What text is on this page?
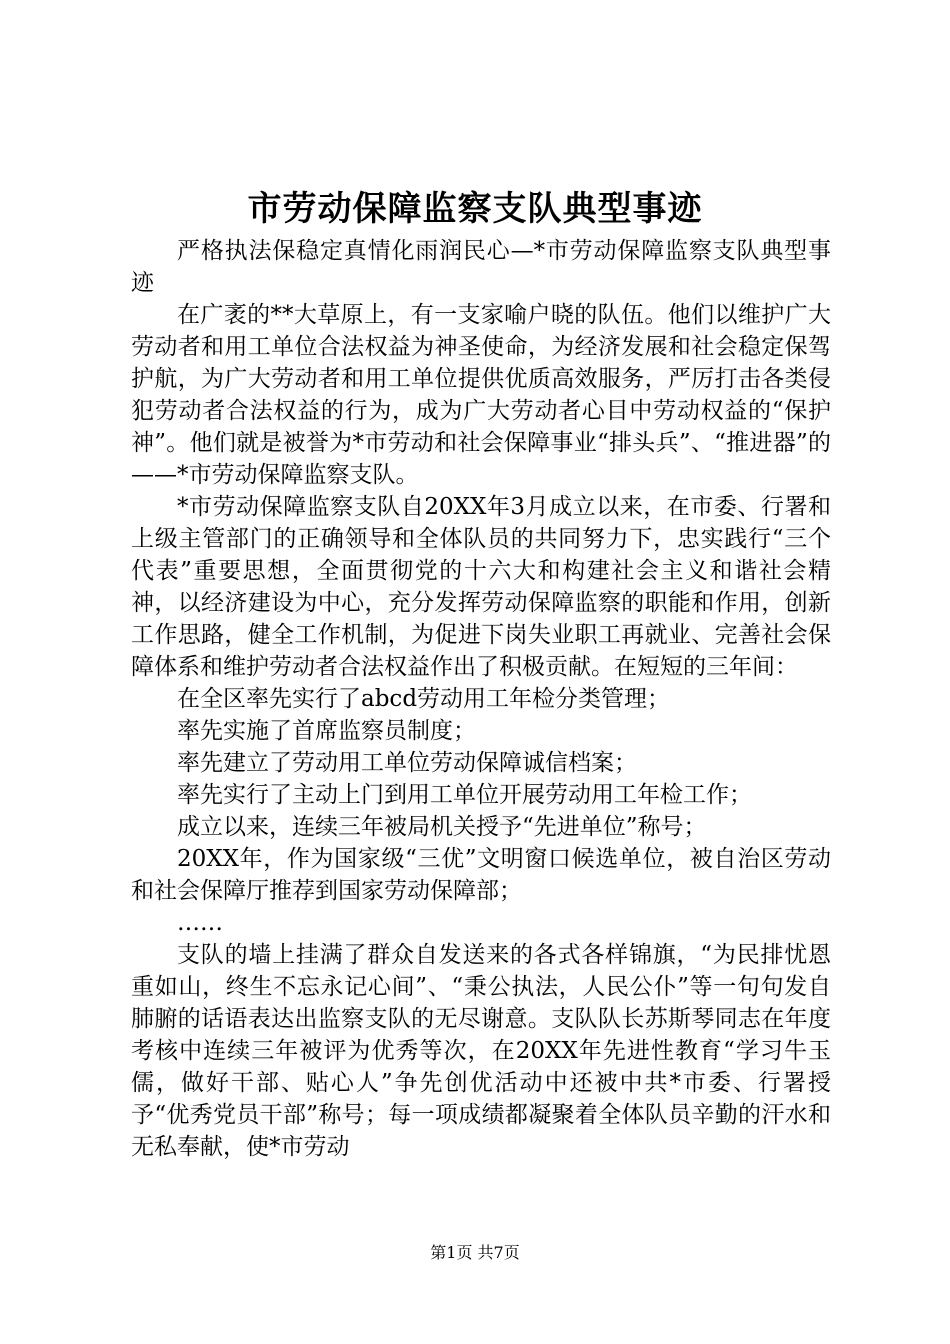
市劳动保障监察支队典型事迹

严格执法保稳定真情化雨润民心—*市劳动保障监察支队典型事迹

在广袤的**大草原上，有一支家喻户晓的队伍。他们以维护广大劳动者和用工单位合法权益为神圣使命，为经济发展和社会稳定保驾护航，为广大劳动者和用工单位提供优质高效服务，严厉打击各类侵犯劳动者合法权益的行为，成为广大劳动者心目中劳动权益的“保护神”。他们就是被誉为*市劳动和社会保障事业“排头兵”、“推进器”的——*市劳动保障监察支队。

*市劳动保障监察支队自20XX年3月成立以来，在市委、行署和上级主管部门的正确领导和全体队员的共同努力下，忠实践行“三个代表”重要思想，全面贯彻党的十六大和构建社会主义和谐社会精神，以经济建设为中心，充分发挥劳动保障监察的职能和作用，创新工作思路，健全工作机制，为促进下岗失业职工再就业、完善社会保障体系和维护劳动者合法权益作出了积极贡献。在短短的三年间：

在全区率先实行了abcd劳动用工年检分类管理；

率先实施了首席监察员制度；

率先建立了劳动用工单位劳动保障诚信档案；

率先实行了主动上门到用工单位开展劳动用工年检工作；

成立以来，连续三年被局机关授予“先进单位”称号；

20XX年，作为国家级“三优”文明窗口候选单位，被自治区劳动和社会保障厅推荐到国家劳动保障部；

……

支队的墙上挂满了群众自发送来的各式各样锦旗，“为民排忧恩重如山，终生不忘永记心间”、“秉公执法，人民公仆”等一句句发自肺腑的话语表达出监察支队的无尽谢意。支队队长苏斯琴同志在年度考核中连续三年被评为优秀等次，在20XX年先进性教育“学习牛玉儒，做好干部、贴心人”争先创优活动中还被中共*市委、行署授予“优秀党员干部”称号；每一项成绩都凝聚着全体队员辛勤的汗水和无私奉献，使*市劳动

第1页 共7页
